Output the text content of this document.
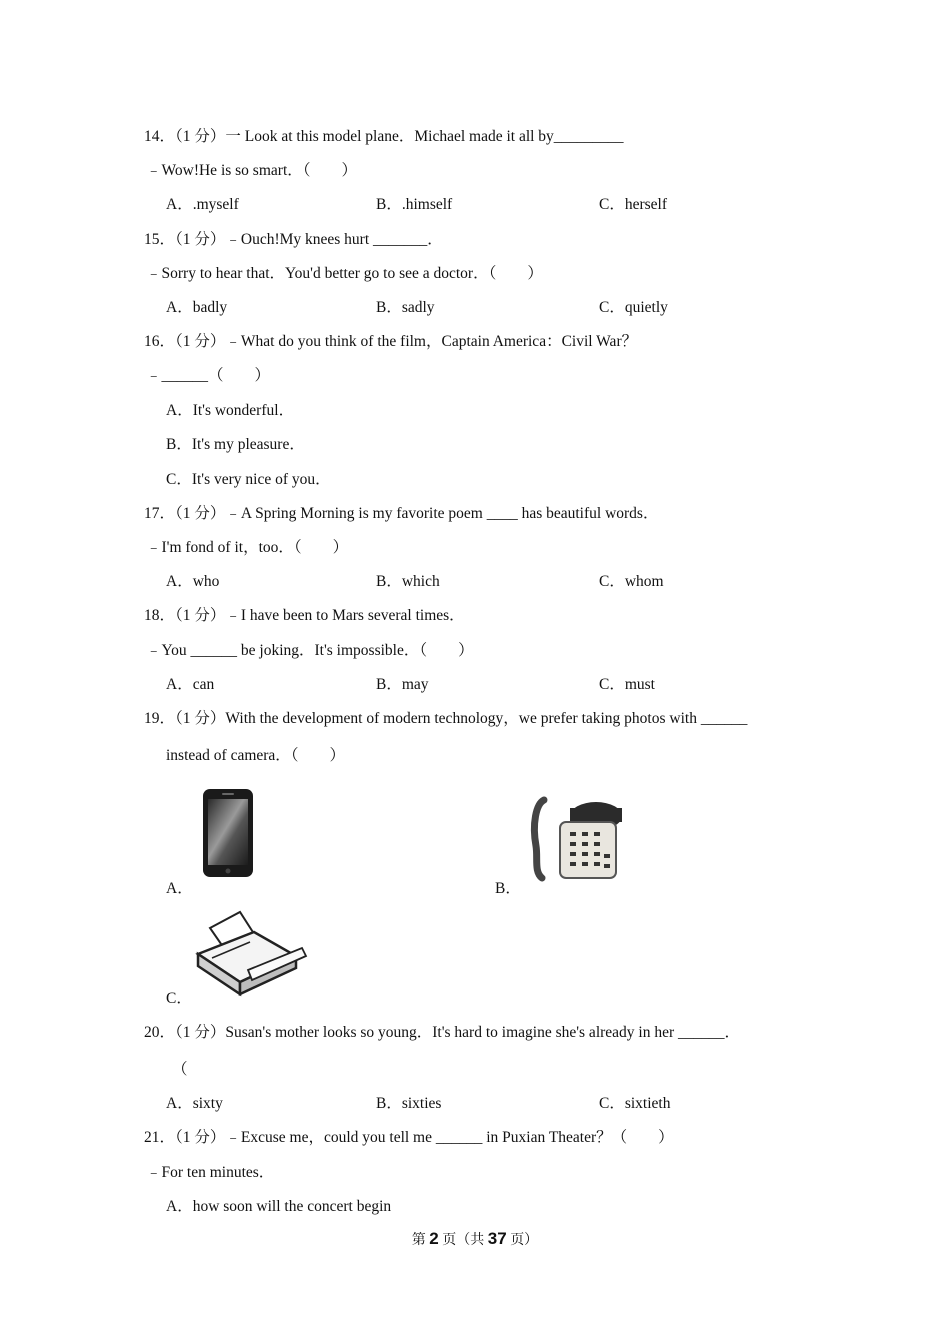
14．（1 分）一 Look at this model plane．Michael made it all by_________
﹣Wow!He is so smart．（　　）
A．.myself	B．.himself	C．herself
15．（1 分）﹣Ouch!My knees hurt _______．
﹣Sorry to hear that．You'd better go to see a doctor．（　　）
A．badly	B．sadly	C．quietly
16．（1 分）﹣What do you think of the film，Captain America：Civil War？
﹣______（　　）
A．It's wonderful．
B．It's my pleasure．
C．It's very nice of you．
17．（1 分）﹣A Spring Morning is my favorite poem ____ has beautiful words．
﹣I'm fond of it，too．（　　）
A．who	B．which	C．whom
18．（1 分）﹣I have been to Mars several times．
﹣You ______ be joking．It's impossible．（　　）
A．can	B．may	C．must
19．（1 分）With the development of modern technology，we prefer taking photos with ______
instead of camera．（　　）
A．	B．
C．
20．（1 分）Susan's mother looks so young．It's hard to imagine she's already in her ______．
（
A．sixty	B．sixties	C．sixtieth
21．（1 分）﹣Excuse me，could you tell me ______ in Puxian Theater？（　　）
﹣For ten minutes．
A．how soon will the concert begin
第 2 页（共 37 页）
